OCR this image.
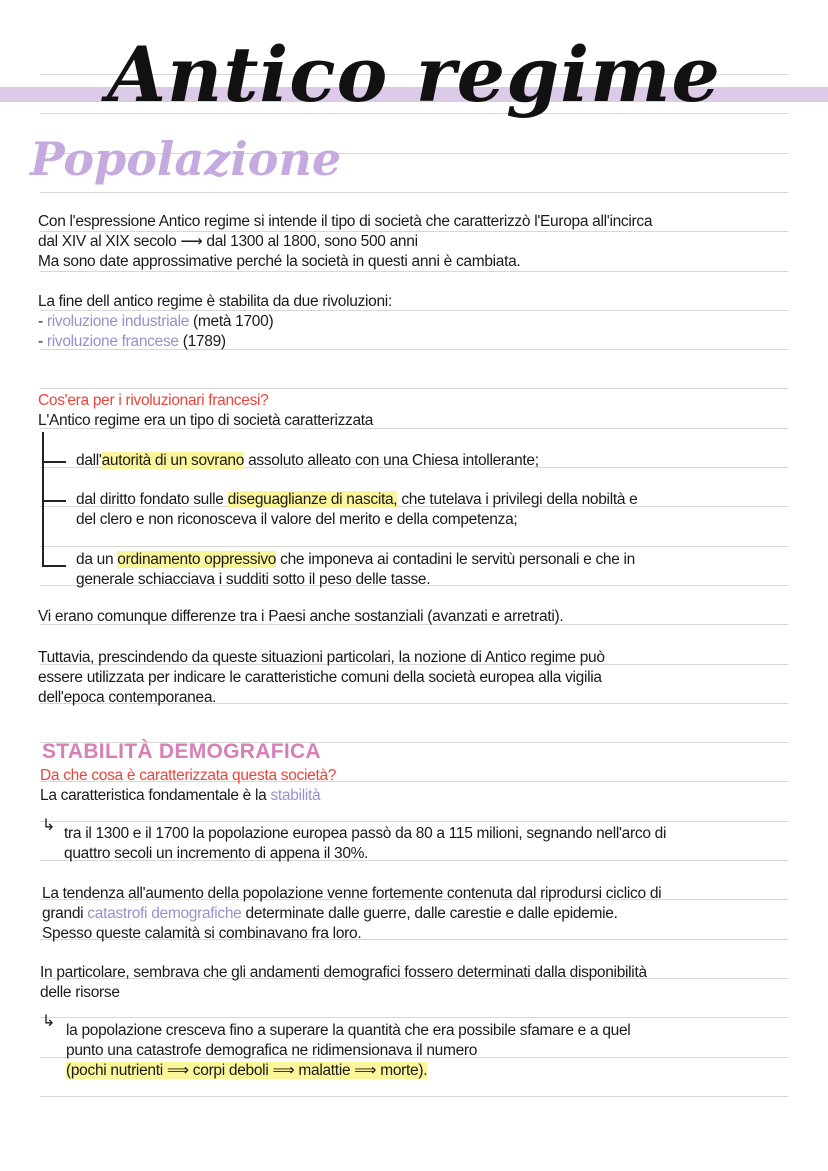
Antico regime
Popolazione
Con l'espressione Antico regime si intende il tipo di società che caratterizzò l'Europa all'incirca
dal XIV al XIX secolo ⟶ dal 1300 al 1800, sono 500 anni
Ma sono date approssimative perché la società in questi anni è cambiata.
La fine dell antico regime è stabilita da due rivoluzioni:
- rivoluzione industriale (metà 1700)
- rivoluzione francese (1789)
Cos'era per i rivoluzionari francesi?
L'Antico regime era un tipo di società caratterizzata
dall'autorità di un sovrano assoluto alleato con una Chiesa intollerante;
dal diritto fondato sulle diseguaglianze di nascita, che tutelava i privilegi della nobiltà e
del clero e non riconosceva il valore del merito e della competenza;
da un ordinamento oppressivo che imponeva ai contadini le servitù personali e che in
generale schiacciava i sudditi sotto il peso delle tasse.
Vi erano comunque differenze tra i Paesi anche sostanziali (avanzati e arretrati).
Tuttavia, prescindendo da queste situazioni particolari, la nozione di Antico regime può
essere utilizzata per indicare le caratteristiche comuni della società europea alla vigilia
dell'epoca contemporanea.
STABILITÀ DEMOGRAFICA
Da che cosa è caratterizzata questa società?
La caratteristica fondamentale è la stabilità
↳ tra il 1300 e il 1700 la popolazione europea passò da 80 a 115 milioni, segnando nell'arco di
quattro secoli un incremento di appena il 30%.
La tendenza all'aumento della popolazione venne fortemente contenuta dal riprodursi ciclico di
grandi catastrofi demografiche determinate dalle guerre, dalle carestie e dalle epidemie.
Spesso queste calamità si combinavano fra loro.
In particolare, sembrava che gli andamenti demografici fossero determinati dalla disponibilità
delle risorse
↳
la popolazione cresceva fino a superare la quantità che era possibile sfamare e a quel
punto una catastrofe demografica ne ridimensionava il numero
(pochi nutrienti ⟹ corpi deboli ⟹ malattie ⟹ morte).
